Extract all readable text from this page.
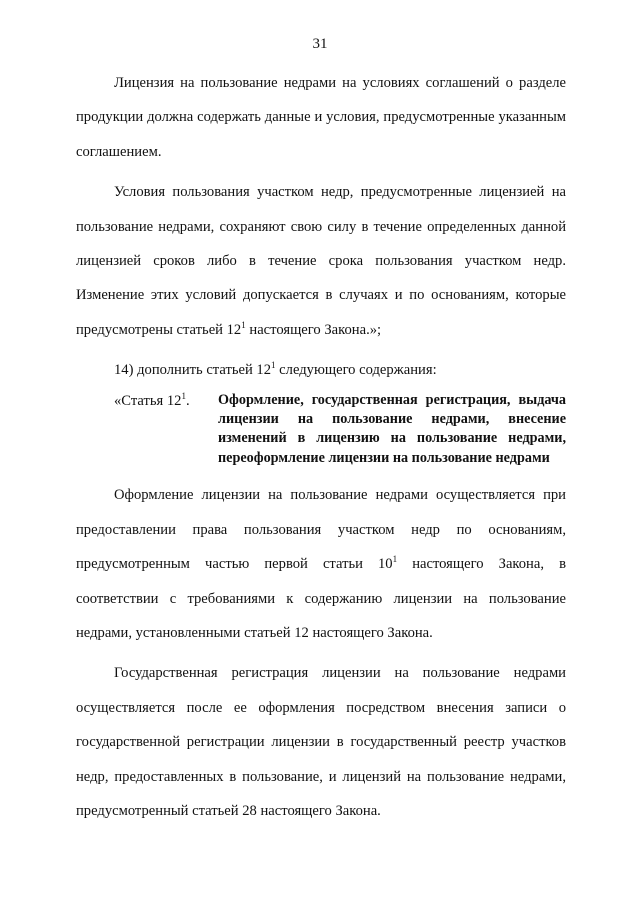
31

Лицензия на пользование недрами на условиях соглашений о разделе продукции должна содержать данные и условия, предусмотренные указанным соглашением.

Условия пользования участком недр, предусмотренные лицензией на пользование недрами, сохраняют свою силу в течение определенных данной лицензией сроков либо в течение срока пользования участком недр. Изменение этих условий допускается в случаях и по основаниям, которые предусмотрены статьей $12^1$ настоящего Закона.»;

14) дополнить статьей $12^1$ следующего содержания:

«Статья $12^1$.	Оформление, государственная регистрация, выдача лицензии на пользование недрами, внесение изменений в лицензию на пользование недрами, переоформление лицензии на пользование недрами

Оформление лицензии на пользование недрами осуществляется при предоставлении права пользования участком недр по основаниям, предусмотренным частью первой статьи $10^1$ настоящего Закона, в соответствии с требованиями к содержанию лицензии на пользование недрами, установленными статьей 12 настоящего Закона.

Государственная регистрация лицензии на пользование недрами осуществляется после ее оформления посредством внесения записи о государственной регистрации лицензии в государственный реестр участков недр, предоставленных в пользование, и лицензий на пользование недрами, предусмотренный статьей 28 настоящего Закона.
